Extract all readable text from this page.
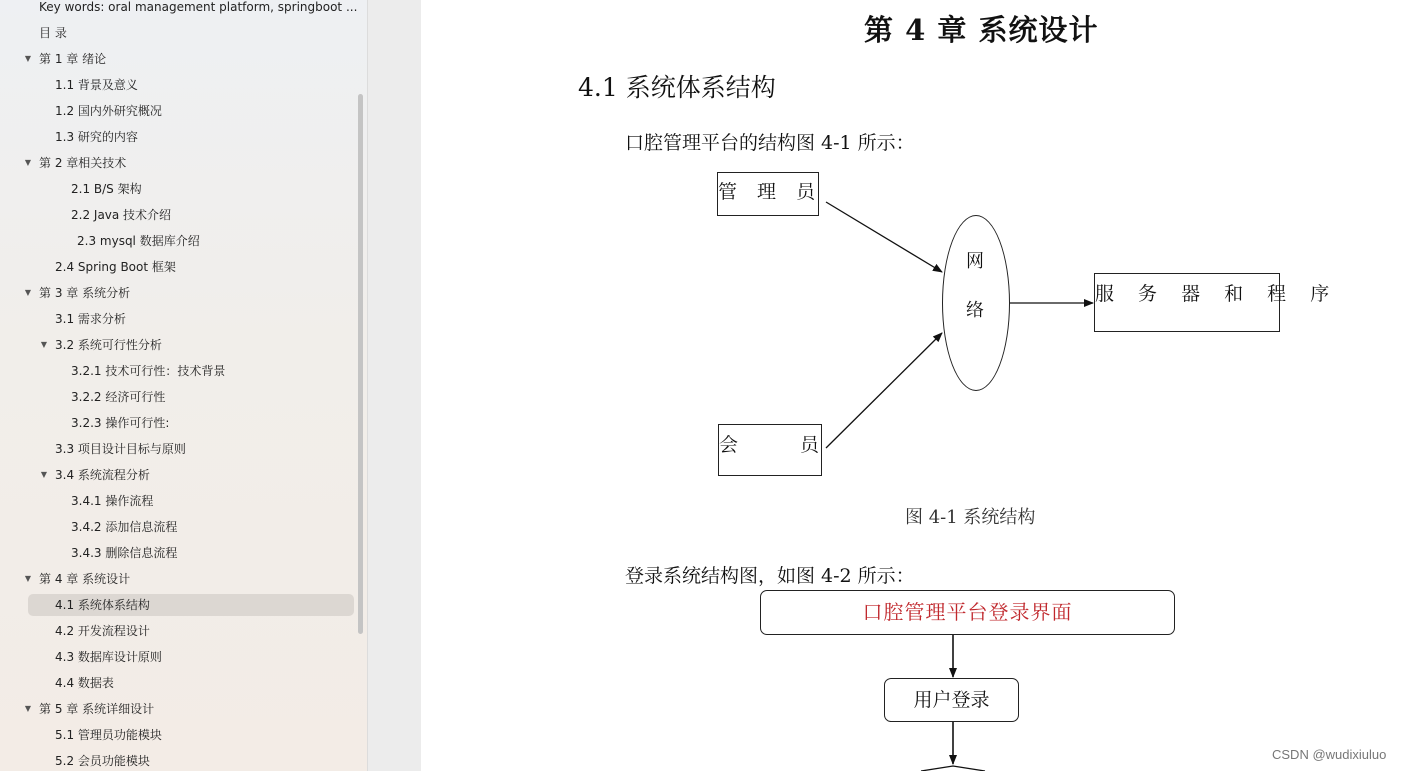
Key words: oral management platform, springboot ...
目 录
▼ 第 1 章 绪论
1.1 背景及意义
1.2 国内外研究概况
1.3 研究的内容
▼ 第 2 章相关技术
2.1 B/S 架构
2.2 Java 技术介绍
2.3 mysql 数据库介绍
2.4 Spring Boot 框架
▼ 第 3 章 系统分析
3.1 需求分析
▼ 3.2 系统可行性分析
3.2.1 技术可行性：技术背景
3.2.2 经济可行性
3.2.3 操作可行性:
3.3 项目设计目标与原则
▼ 3.4 系统流程分析
3.4.1 操作流程
3.4.2 添加信息流程
3.4.3 删除信息流程
▼ 第 4 章 系统设计
4.1 系统体系结构
4.2 开发流程设计
4.3 数据库设计原则
4.4 数据表
▼ 第 5 章 系统详细设计
5.1 管理员功能模块
5.2 会员功能模块
第 4 章 系统设计
4.1 系统体系结构
口腔管理平台的结构图 4-1 所示：
管 理 员
会 员
网
络
服 务 器 和 程 序
图 4-1 系统结构
登录系统结构图，如图 4-2 所示：
口腔管理平台登录界面
用户登录
CSDN @wudixiuluo
